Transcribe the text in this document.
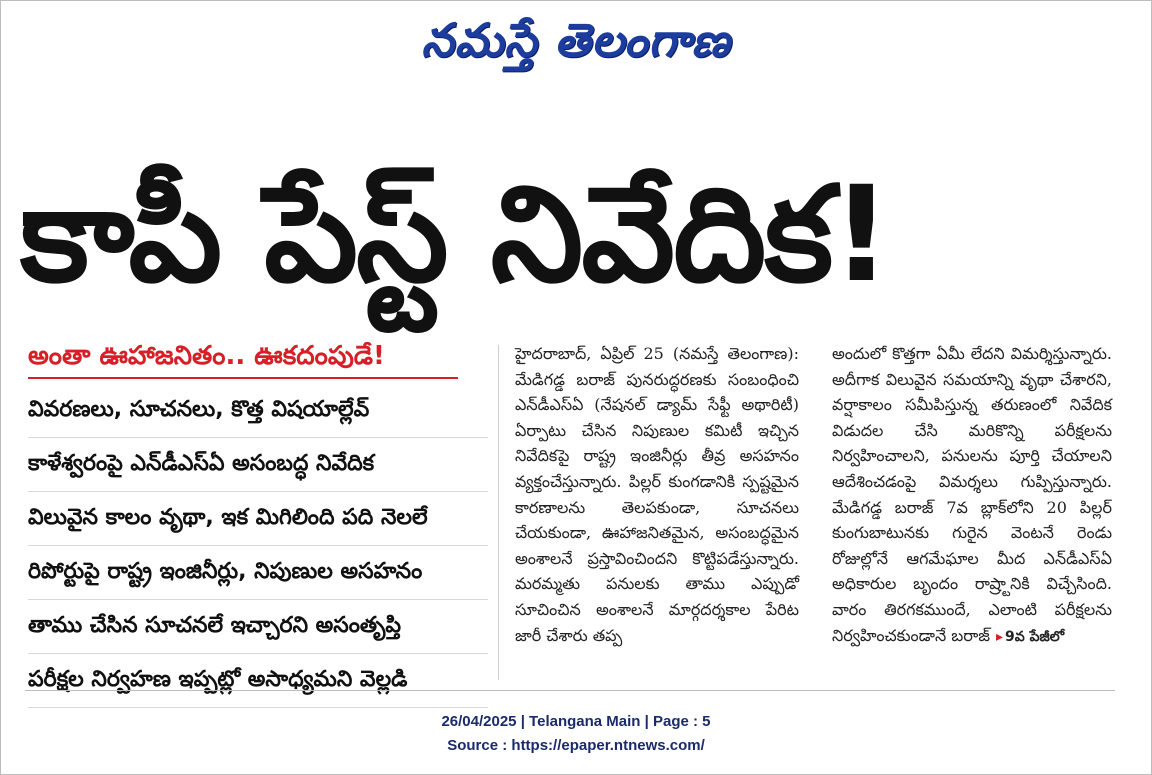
నమస్తే తెలంగాణ
కాపీ పేస్ట్ నివేదిక!
అంతా ఊహాజనితం.. ఊకదంపుడే!
వివరణలు, సూచనలు, కొత్త విషయాల్లేవ్
కాళేశ్వరంపై ఎన్‌డీఎస్‌ఏ అసంబద్ధ నివేదిక
విలువైన కాలం వృథా, ఇక మిగిలింది పది నెలలే
రిపోర్టుపై రాష్ట్ర ఇంజినీర్లు, నిపుణుల అసహనం
తాము చేసిన సూచనలే ఇచ్చారని అసంతృప్తి
పరీక్షల నిర్వహణ ఇప్పట్లో అసాధ్యమని వెల్లడి

హైదరాబాద్, ఏప్రిల్ 25 (నమస్తే తెలంగాణ): మేడిగడ్డ బరాజ్ పునరుద్ధరణకు సంబంధించి ఎన్‌డీఎస్‌ఏ (నేషనల్ డ్యామ్ సేఫ్టీ అథారిటీ) ఏర్పాటు చేసిన నిపుణుల కమిటీ ఇచ్చిన నివేదికపై రాష్ట్ర ఇంజినీర్లు తీవ్ర అసహనం వ్యక్తంచేస్తున్నారు. పిల్లర్ కుంగడానికి స్పష్టమైన కారణాలను తెలపకుండా, సూచనలు చేయకుండా, ఊహాజనితమైన, అసంబద్ధమైన అంశాలనే ప్రస్తావించిందని కొట్టిపడేస్తున్నారు. మరమ్మతు పనులకు తాము ఎప్పుడో సూచించిన అంశాలనే మార్గదర్శకాల పేరిట జారీ చేశారు తప్ప

అందులో కొత్తగా ఏమీ లేదని విమర్శిస్తున్నారు. అదీగాక విలువైన సమయాన్ని వృథా చేశారని, వర్షాకాలం సమీపిస్తున్న తరుణంలో నివేదిక విడుదల చేసి మరికొన్ని పరీక్షలను నిర్వహించాలని, పనులను పూర్తి చేయాలని ఆదేశించడంపై విమర్శలు గుప్పిస్తున్నారు. మేడిగడ్డ బరాజ్ 7వ బ్లాక్‌లోని 20 పిల్లర్ కుంగుబాటునకు గురైన వెంటనే రెండు రోజుల్లోనే ఆగమేఘాల మీద ఎన్‌డీఎస్‌ఏ అధికారుల బృందం రాష్ర్టానికి విచ్చేసింది. వారం తిరగకముందే, ఎలాంటి పరీక్షలను నిర్వహించకుండానే బరాజ్ ▸ 9వ పేజీలో

26/04/2025 | Telangana Main | Page : 5
Source : https://epaper.ntnews.com/
